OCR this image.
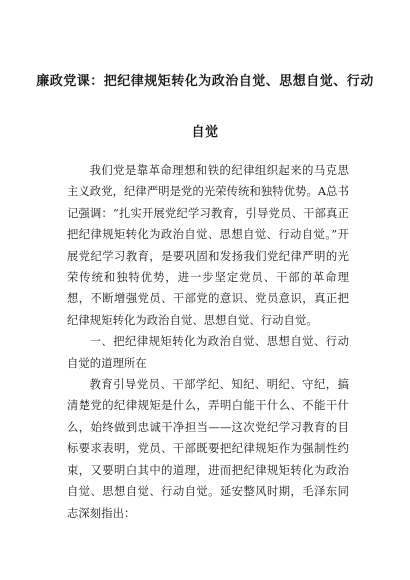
廉政党课：把纪律规矩转化为政治自觉、思想自觉、行动
自觉

我们党是靠革命理想和铁的纪律组织起来的马克思主义政党，纪律严明是党的光荣传统和独特优势。A总书记强调：“扎实开展党纪学习教育，引导党员、干部真正把纪律规矩转化为政治自觉、思想自觉、行动自觉。”开展党纪学习教育，是要巩固和发扬我们党纪律严明的光荣传统和独特优势，进一步坚定党员、干部的革命理想，不断增强党员、干部党的意识、党员意识，真正把纪律规矩转化为政治自觉、思想自觉、行动自觉。

一、把纪律规矩转化为政治自觉、思想自觉、行动自觉的道理所在

教育引导党员、干部学纪、知纪、明纪、守纪，搞清楚党的纪律规矩是什么，弄明白能干什么、不能干什么，始终做到忠诚干净担当——这次党纪学习教育的目标要求表明，党员、干部既要把纪律规矩作为强制性约束，又要明白其中的道理，进而把纪律规矩转化为政治自觉、思想自觉、行动自觉。延安整风时期，毛泽东同志深刻指出：
